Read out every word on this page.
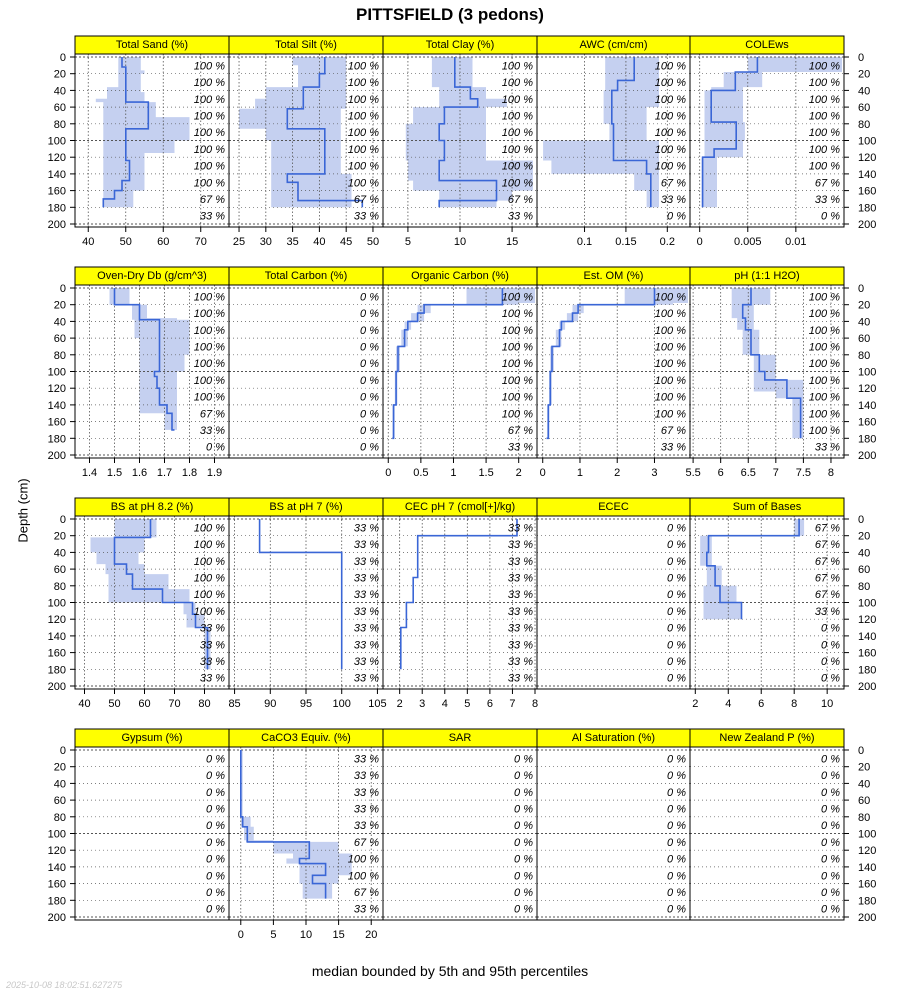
PITTSFIELD (3 pedons)
Depth (cm)
median bounded by 5th and 95th percentiles
2025-10-08 18:02:51.627275
Total Sand (%)
100 %
100 %
100 %
100 %
100 %
100 %
100 %
100 %
67 %
33 %
40 50 60 70
Total Silt (%)
100 %
100 %
100 %
100 %
100 %
100 %
100 %
100 %
67 %
33 %
25 30 35 40 45 50
Total Clay (%)
100 %
100 %
100 %
100 %
100 %
100 %
100 %
100 %
67 %
33 %
5	10	15
AWC (cm/cm)
100 %
100 %
100 %
100 %
100 %
100 %
100 %
67 %
33 %
0 %
0.1 0.15 0.2
COLEws
100 %
100 %
100 %
100 %
100 %
100 %
100 %
67 %
33 %
0 %
0	0.005 0.01
Oven-Dry Db (g/cm^3)
100 %
100 %
100 %
100 %
100 %
100 %
100 %
67 %
33 %
0 %
1.4 1.5 1.6 1.7 1.8 1.9
Total Carbon (%)
0 %
0 %
0 %
0 %
0 %
0 %
0 %
0 %
0 %
0 %
Organic Carbon (%)
100 %
100 %
100 %
100 %
100 %
100 %
100 %
100 %
67 %
33 %
0 0.5 1 1.5 2
Est. OM (%)
100 %
100 %
100 %
100 %
100 %
100 %
100 %
100 %
67 %
33 %
0	1	2	3
pH (1:1 H2O)
100 %
100 %
100 %
100 %
100 %
100 %
100 %
100 %
100 %
33 %
5.5 6 6.5 7 7.5 8
BS at pH 8.2 (%)
100 %
100 %
100 %
100 %
100 %
100 %
33 %
33 %
33 %
33 %
40 50 60 70 80
BS at pH 7 (%)
33 %
33 %
33 %
33 %
33 %
33 %
33 %
33 %
33 %
33 %
85 90 95 100 105
CEC pH 7 (cmol[+]/kg)
33 %
33 %
33 %
33 %
33 %
33 %
33 %
33 %
33 %
33 %
2 3 4 5 6 7 8
ECEC
0 %
0 %
0 %
0 %
0 %
0 %
0 %
0 %
0 %
0 %
Sum of Bases
67 %
67 %
67 %
67 %
67 %
33 %
0 %
0 %
0 %
0 %
2 4 6 8 10
Gypsum (%)
0 %
0 %
0 %
0 %
0 %
0 %
0 %
0 %
0 %
0 %
CaCO3 Equiv. (%)
33 %
33 %
33 %
33 %
33 %
67 %
100 %
100 %
67 %
33 %
0 5 10 15 20
SAR
0 %
0 %
0 %
0 %
0 %
0 %
0 %
0 %
0 %
0 %
Al Saturation (%)
0 %
0 %
0 %
0 %
0 %
0 %
0 %
0 %
0 %
0 %
New Zealand P (%)
0 %
0 %
0 %
0 %
0 %
0 %
0 %
0 %
0 %
0 %
0	0
20	20
40	40
60	60
80	80
100	100
120	120
140	140
160	160
180	180
200	200
0	0
20	20
40	40
60	60
80	80
100	100
120	120
140	140
160	160
180	180
200	200
0	0
20	20
40	40
60	60
80	80
100	100
120	120
140	140
160	160
180	180
200	200
0	0
20	20
40	40
60	60
80	80
100	100
120	120
140	140
160	160
180	180
200	200
